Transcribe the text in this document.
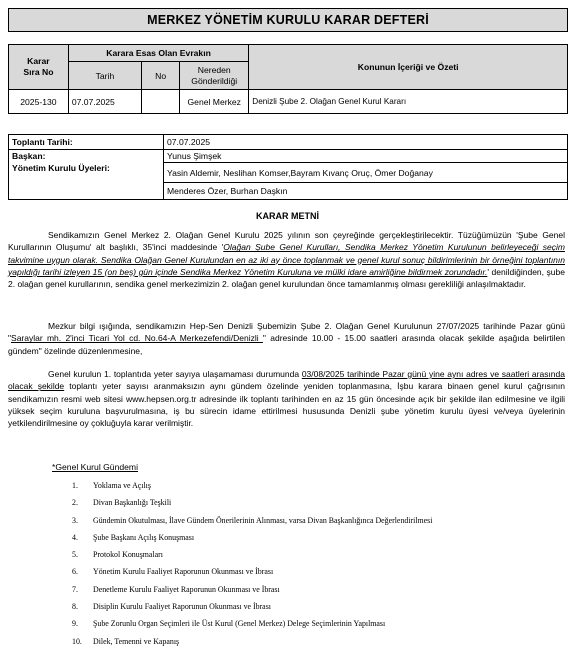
MERKEZ YÖNETİM KURULU KARAR DEFTERİ
Karar
Sıra No	Karara Esas Olan Evrakın			Konunun İçeriği ve Özeti
	Tarih	No	Nereden Gönderildiği	
2025-130	07.07.2025		Genel Merkez	Denizli Şube 2. Olağan Genel Kurul Kararı
Toplantı Tarihi:	07.07.2025
Başkan:	Yunus Şimşek
Yönetim Kurulu Üyeleri:	Yasin Aldemir, Neslihan Komser,Bayram Kıvanç Oruç, Ömer Doğanay
	Menderes Özer, Burhan Daşkın
KARAR METNİ

Sendikamızın Genel Merkez 2. Olağan Genel Kurulu 2025 yılının son çeyreğinde gerçekleştirilecektir. Tüzüğümüzün 'Şube Genel Kurullarının Oluşumu' alt başlıklı, 35'inci maddesinde 'Olağan Şube Genel Kurulları, Sendika Merkez Yönetim Kurulunun belirleyeceği seçim takvimine uygun olarak. Sendika Olağan Genel Kurulundan en az iki ay önce toplanmak ve genel kurul sonuç bildirimlerinin bir örneğini toplantının yapıldığı tarihi izleyen 15 (on beş) gün içinde Sendika Merkez Yönetim Kuruluna ve mülki idare amirliğine bildirmek zorundadır.' denildiğinden, şube 2. olağan genel kurullarının, sendika genel merkezimizin 2. olağan genel kurulundan önce tamamlanmış olması gerekliliği anlaşılmaktadır.

Mezkur bilgi ışığında, sendikamızın Hep-Sen Denizli Şubemizin Şube 2. Olağan Genel Kurulunun 27/07/2025 tarihinde Pazar günü "Saraylar mh. 2'inci Ticari Yol cd. No.64-A Merkezefendi/Denizli " adresinde 10.00 - 15.00 saatleri arasında olacak şekilde aşağıda belirtilen gündem" özelinde düzenlenmesine,

Genel kurulun 1. toplantıda yeter sayıya ulaşamaması durumunda 03/08/2025 tarihinde Pazar günü yine aynı adres ve saatleri arasında olacak şekilde toplantı yeter sayısı aranmaksızın aynı gündem özelinde yeniden toplanmasına, İşbu karara binaen genel kurul çağrısının sendikamızın resmi web sitesi www.hepsen.org.tr adresinde ilk toplantı tarihinden en az 15 gün öncesinde açık bir şekilde ilan edilmesine ve ilgili yüksek seçim kuruluna başvurulmasına, iş bu sürecin idame ettirilmesi hususunda Denizli şube yönetim kurulu üyesi ve/veya üyelerinin yetkilendirilmesine oy çokluğuyla karar verilmiştir.

*Genel Kurul Gündemi
1.	Yoklama ve Açılış
2.	Divan Başkanlığı Teşkili
3.	Gündemin Okutulması, İlave Gündem Önerilerinin Alınması, varsa Divan Başkanlığınca Değerlendirilmesi
4.	Şube Başkanı Açılış Konuşması
5.	Protokol Konuşmaları
6.	Yönetim Kurulu Faaliyet Raporunun Okunması ve İbrası
7.	Denetleme Kurulu Faaliyet Raporunun Okunması ve İbrası
8.	Disiplin Kurulu Faaliyet Raporunun Okunması ve İbrası
9.	Şube Zorunlu Organ Seçimleri ile Üst Kurul (Genel Merkez) Delege Seçimlerinin Yapılması
10.	Dilek, Temenni ve Kapanış
